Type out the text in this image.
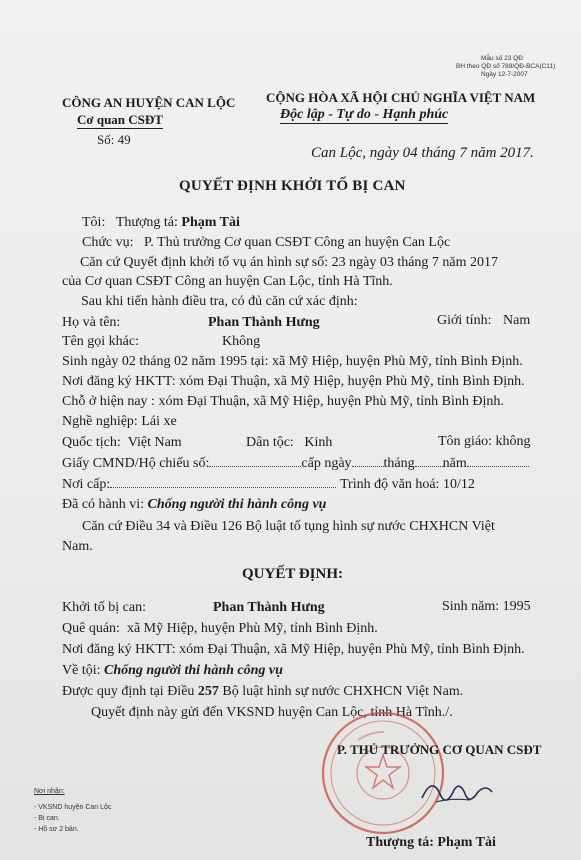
Mẫu số 23 QĐ
BH theo QĐ số 789/QĐ-BCA(C11)
Ngày 12-7-2007
CÔNG AN HUYỆN CAN LỘC
Cơ quan CSĐT
Số: 49
CỘNG HÒA XÃ HỘI CHỦ NGHĨA VIỆT NAM
Độc lập - Tự do - Hạnh phúc
Can Lộc, ngày 04 tháng 7 năm 2017.
QUYẾT ĐỊNH KHỞI TỐ BỊ CAN
Tôi: Thượng tá: Phạm Tài
Chức vụ: P. Thủ trưởng Cơ quan CSĐT Công an huyện Can Lộc
Căn cứ Quyết định khởi tố vụ án hình sự số: 23 ngày 03 tháng 7 năm 2017
của Cơ quan CSĐT Công an huyện Can Lộc, tỉnh Hà Tĩnh.
Sau khi tiến hành điều tra, có đủ căn cứ xác định:
Họ và tên:	Phan Thành Hưng	Giới tính: Nam
Tên gọi khác:	Không
Sinh ngày 02 tháng 02 năm 1995 tại: xã Mỹ Hiệp, huyện Phù Mỹ, tỉnh Bình Định.
Nơi đăng ký HKTT: xóm Đại Thuận, xã Mỹ Hiệp, huyện Phù Mỹ, tỉnh Bình Định.
Chỗ ở hiện nay : xóm Đại Thuận, xã Mỹ Hiệp, huyện Phù Mỹ, tỉnh Bình Định.
Nghề nghiệp: Lái xe
Quốc tịch: Việt Nam	Dân tộc: Kinh	Tôn giáo: không
Giấy CMND/Hộ chiếu số:	cấp ngày tháng năm
Nơi cấp:	Trình độ văn hoá: 10/12
Đã có hành vi: Chống người thi hành công vụ
Căn cứ Điều 34 và Điều 126 Bộ luật tố tụng hình sự nước CHXHCN Việt
Nam.
QUYẾT ĐỊNH:
Khởi tố bị can:	Phan Thành Hưng	Sinh năm: 1995
Quê quán: xã Mỹ Hiệp, huyện Phù Mỹ, tỉnh Bình Định.
Nơi đăng ký HKTT: xóm Đại Thuận, xã Mỹ Hiệp, huyện Phù Mỹ, tỉnh Bình Định.
Về tội: Chống người thi hành công vụ
Được quy định tại Điều 257 Bộ luật hình sự nước CHXHCN Việt Nam.
Quyết định này gửi đến VKSND huyện Can Lộc, tỉnh Hà Tĩnh./.
P. THỦ TRƯỞNG CƠ QUAN CSĐT
Thượng tá: Phạm Tài
Nơi nhận:
- VKSND huyện Can Lộc
- Bị can.
- Hồ sơ 2 bản.
